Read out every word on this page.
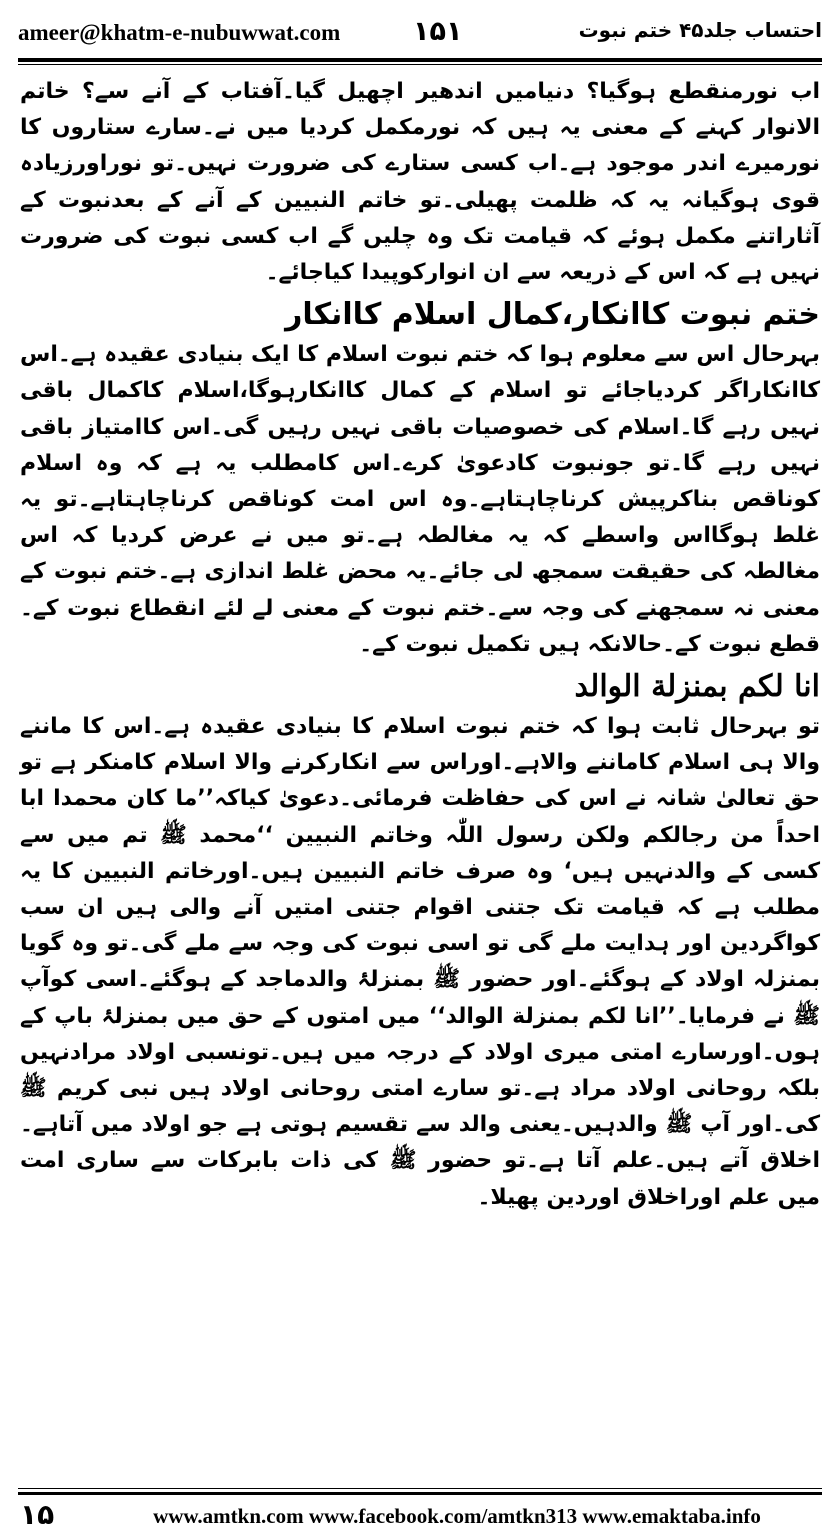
ameer@khatm-e-nubuwwat.com	۱۵۱	احتساب جلد۴۵ ختم نبوت

اب نورمنقطع ہوگیا؟ دنیامیں اندھیر اچھیل گیا۔آفتاب کے آنے سے؟ خاتم الانوار کہنے کے معنی یہ ہیں کہ نورمکمل کردیا میں نے۔سارے ستاروں کا نورمیرے اندر موجود ہے۔اب کسی ستارے کی ضرورت نہیں۔تو نوراورزیادہ قوی ہوگیانہ یہ کہ ظلمت پھیلی۔تو خاتم النبیین کے آنے کے بعدنبوت کے آثاراتنے مکمل ہوئے کہ قیامت تک وہ چلیں گے اب کسی نبوت کی ضرورت نہیں ہے کہ اس کے ذریعہ سے ان انوارکوپیدا کیاجائے۔

ختم نبوت کاانکار،کمال اسلام کاانکار

بہرحال اس سے معلوم ہوا کہ ختم نبوت اسلام کا ایک بنیادی عقیدہ ہے۔اس کاانکاراگر کردیاجائے تو اسلام کے کمال کاانکارہوگا،اسلام کاکمال باقی نہیں رہے گا۔اسلام کی خصوصیات باقی نہیں رہیں گی۔اس کاامتیاز باقی نہیں رہے گا۔تو جونبوت کادعویٰ کرے۔اس کامطلب یہ ہے کہ وہ اسلام کوناقص بناکرپیش کرناچاہتاہے۔وہ اس امت کوناقص کرناچاہتاہے۔تو یہ غلط ہوگااس واسطے کہ یہ مغالطہ ہے۔تو میں نے عرض کردیا کہ اس مغالطہ کی حقیقت سمجھ لی جائے۔یہ محض غلط اندازی ہے۔ختم نبوت کے معنی نہ سمجھنے کی وجہ سے۔ختم نبوت کے معنی لے لئے انقطاع نبوت کے۔قطع نبوت کے۔حالانکہ ہیں تکمیل نبوت کے۔

انا لکم بمنزلة الوالد

تو بہرحال ثابت ہوا کہ ختم نبوت اسلام کا بنیادی عقیدہ ہے۔اس کا ماننے والا ہی اسلام کاماننے والاہے۔اوراس سے انکارکرنے والا اسلام کامنکر ہے تو حق تعالیٰ شانہ نے اس کی حفاظت فرمائی۔دعویٰ کیاکہ’’ما کان محمدا ابا احداً من رجالکم ولکن رسول اللّٰہ وخاتم النبیین ‘‘محمد ﷺ تم میں سے کسی کے والدنہیں ہیں‘ وہ صرف خاتم النبیین ہیں۔اورخاتم النبیین کا یہ مطلب ہے کہ قیامت تک جتنی اقوام جتنی امتیں آنے والی ہیں ان سب کواگردین اور ہدایت ملے گی تو اسی نبوت کی وجہ سے ملے گی۔تو وہ گویا بمنزلہ اولاد کے ہوگئے۔اور حضور ﷺ بمنزلۂ والدماجد کے ہوگئے۔اسی کوآپ ﷺ نے فرمایا۔’’انا لکم بمنزلة الوالد‘‘ میں امتوں کے حق میں بمنزلۂ باپ کے ہوں۔اورسارے امتی میری اولاد کے درجہ میں ہیں۔تونسبی اولاد مرادنہیں بلکہ روحانی اولاد مراد ہے۔تو سارے امتی روحانی اولاد ہیں نبی کریم ﷺ کی۔اور آپ ﷺ والدہیں۔یعنی والد سے تقسیم ہوتی ہے جو اولاد میں آتاہے۔اخلاق آتے ہیں۔علم آتا ہے۔تو حضور ﷺ کی ذات بابرکات سے ساری امت میں علم اوراخلاق اوردین پھیلا۔

۱۵	www.amtkn.com www.facebook.com/amtkn313 www.emaktaba.info
